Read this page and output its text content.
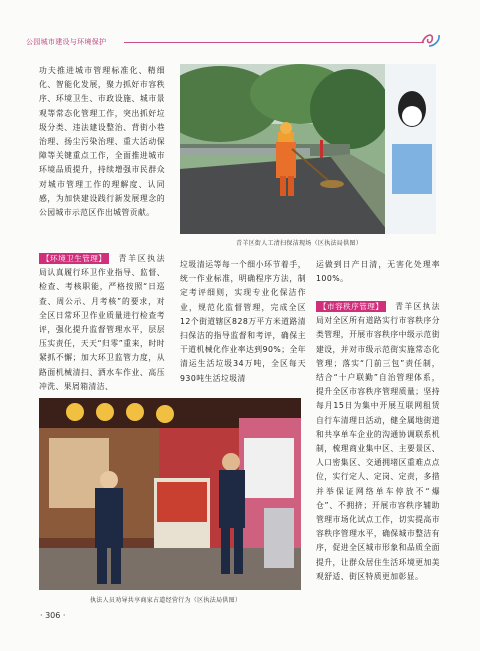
公园城市建设与环境保护

功夫推进城市管理标准化、精细化、智能化发展，聚力抓好市容秩序、环境卫生、市政设施、城市景观等常态化管理工作，突出抓好垃圾分类、违法建设整治、背街小巷治理、扬尘污染治理、重大活动保障等关键重点工作，全面推进城市环境品质提升，持续增强市民群众对城市管理工作的理解度、认同感，为加快建设践行新发展理念的公园城市示范区作出城管贡献。

青羊区街人工清扫保洁现场（区执法局供图）

【环境卫生管理】 青羊区执法局认真履行环卫作业指导、监督、检查、考核职能，严格按照“日巡查、周公示、月考核”的要求，对全区日常环卫作业质量进行检查考评，强化提升监督管理水平，层层压实责任，天天“归零”重来，时时紧抓不懈；加大环卫监管力度，从路面机械清扫、洒水车作业、高压冲洗、果屑箱清洁、

垃圾清运等每一个细小环节着手，统一作业标准，明确程序方法，制定考评细则，实现专业化保洁作业，规范化监督管理，完成全区12个街道辖区828万平方米道路清扫保洁的指导监督和考评，确保主干道机械化作业率达到90%；全年清运生活垃圾34万吨，全区每天930吨生活垃圾清

运做到日产日清，无害化处理率100%。

【市容秩序管理】 青羊区执法局对全区所有道路实行市容秩序分类管理，开展市容秩序中级示范街建设，并对市级示范街实施常态化管理；落实“门前三包”责任制，结合“十户联勤”自治管理体系，提升全区市容秩序管理质量；坚持每月15日为集中开展互联网租赁自行车清理日活动，健全属地街道和共享单车企业的沟通协调联系机制，梳理商业集中区、主要景区、人口密集区、交通拥堵区重难点点位，实行定人、定岗、定责，多措并举保证网络单车停放不“爆仓”、不拥挤；开展市容秩序辅助管理市场化试点工作，切实提高市容秩序管理水平，确保城市整洁有序，促进全区城市形象和品质全面提升，让群众居住生活环境更加美观舒适、街区特质更加彰显。

执法人员劝导共享商家占道经营行为（区执法局供图）
· 306 ·
